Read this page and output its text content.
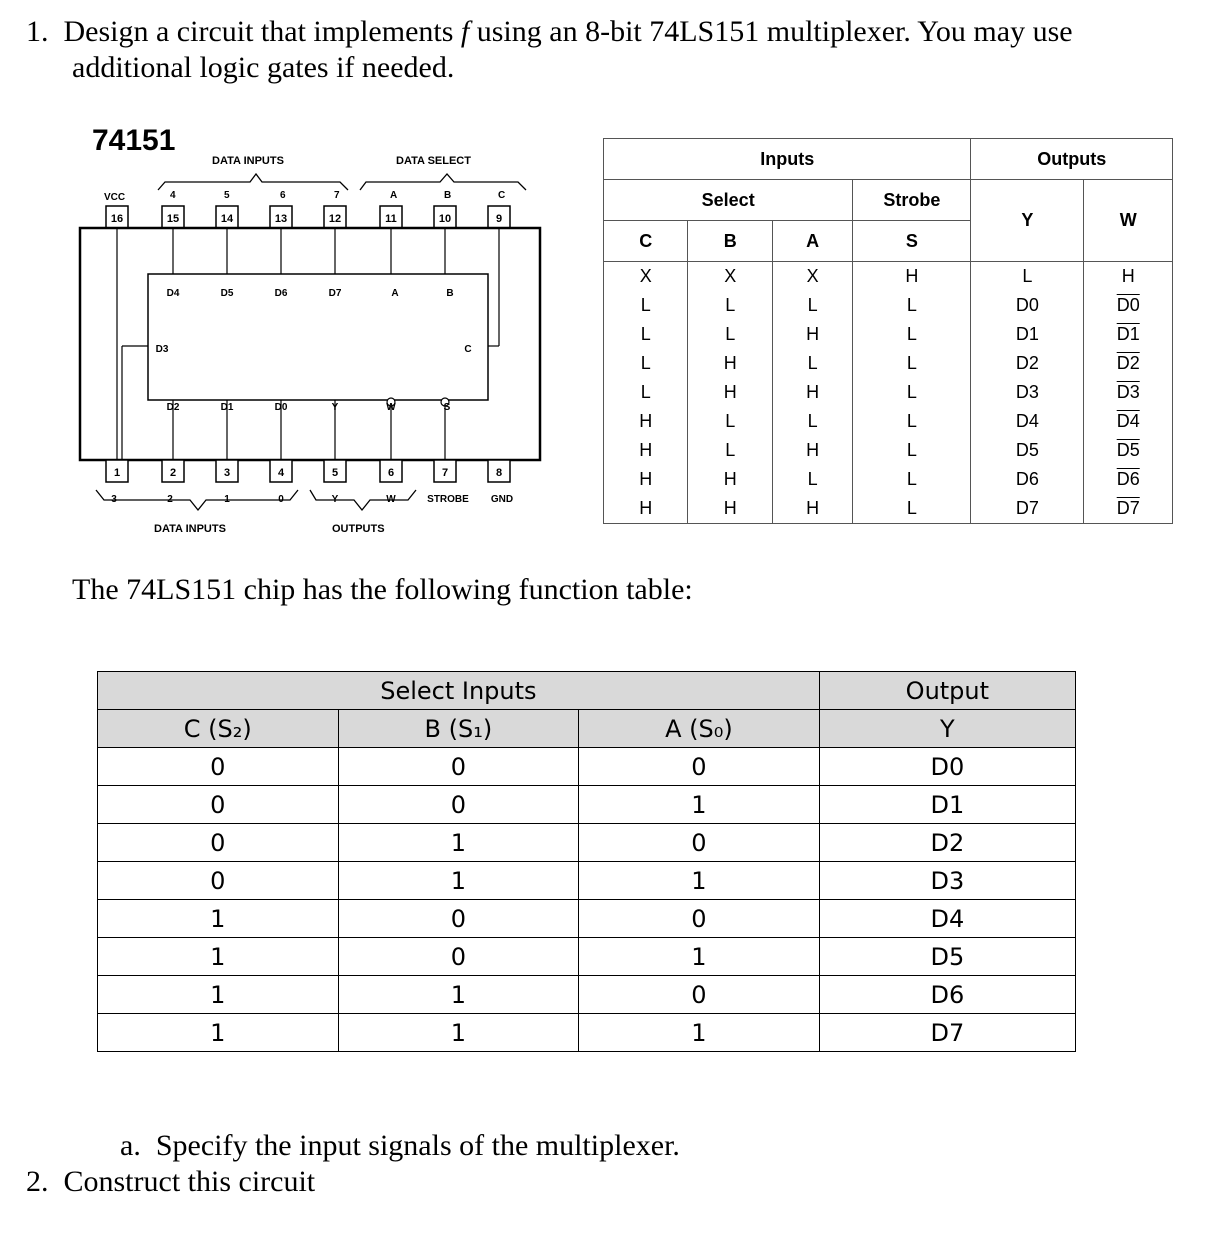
1. Design a circuit that implements f using an 8-bit 74LS151 multiplexer. You may use
additional logic gates if needed.
74151
DATA INPUTS	DATA SELECT
VCC	4	5	6	7	A	B	C
16	15	14	13	12	11	10	9
D4	D5	D6	D7	A	B
D3	C
D2	D1	D0	Y	W	S
1	2	3	4	5	6	7	8
3	2	1	0	Y	W	STROBE GND
DATA INPUTS	OUTPUTS
Inputs				Outputs	
Select			Strobe	Y	W
C	B	A	S		
X	X	X	H	L	H
L	L	L	L	D0	D0
L	L	H	L	D1	D1
L	H	L	L	D2	D2
L	H	H	L	D3	D3
H	L	L	L	D4	D4
H	L	H	L	D5	D5
H	H	L	L	D6	D6
H	H	H	L	D7	D7
The 74LS151 chip has the following function table:
Select Inputs			Output
C (S₂)	B (S₁)	A (S₀)	Y
0	0	0	D0
0	0	1	D1
0	1	0	D2
0	1	1	D3
1	0	0	D4
1	0	1	D5
1	1	0	D6
1	1	1	D7
a. Specify the input signals of the multiplexer.
2. Construct this circuit
